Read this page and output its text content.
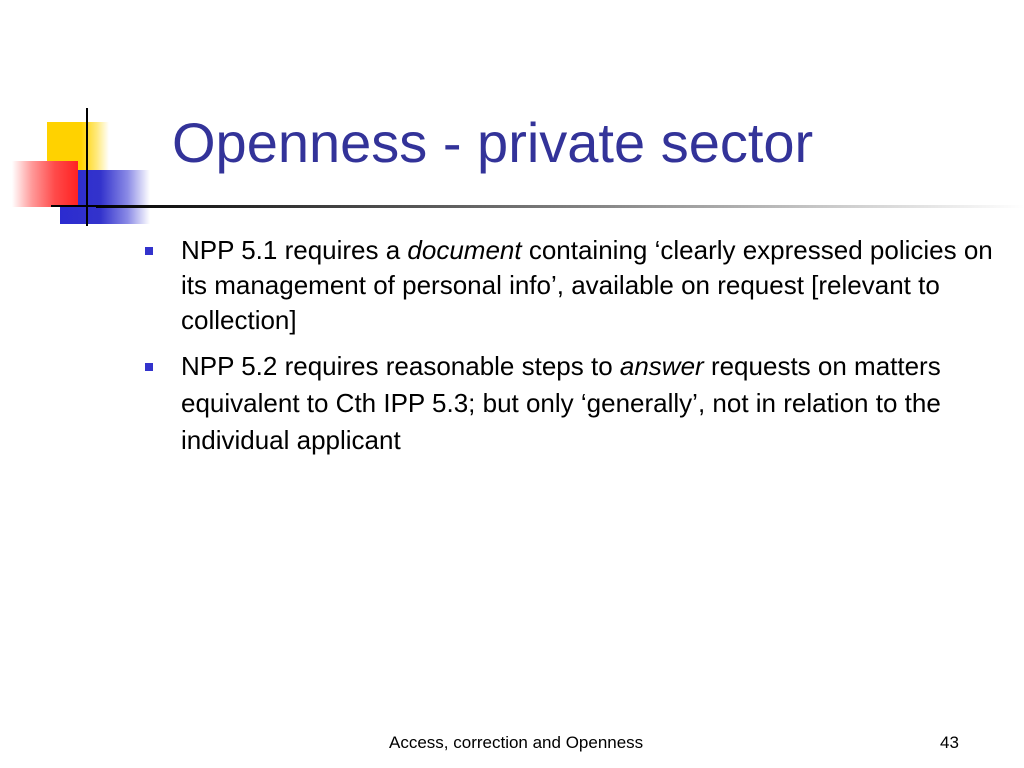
Openness - private sector
NPP 5.1 requires a document containing ‘clearly expressed policies on its management of personal info’, available on request [relevant to collection]
NPP 5.2 requires reasonable steps to answer requests on matters equivalent to Cth IPP 5.3; but only ‘generally’, not in relation to the individual applicant
Access, correction and Openness	43
